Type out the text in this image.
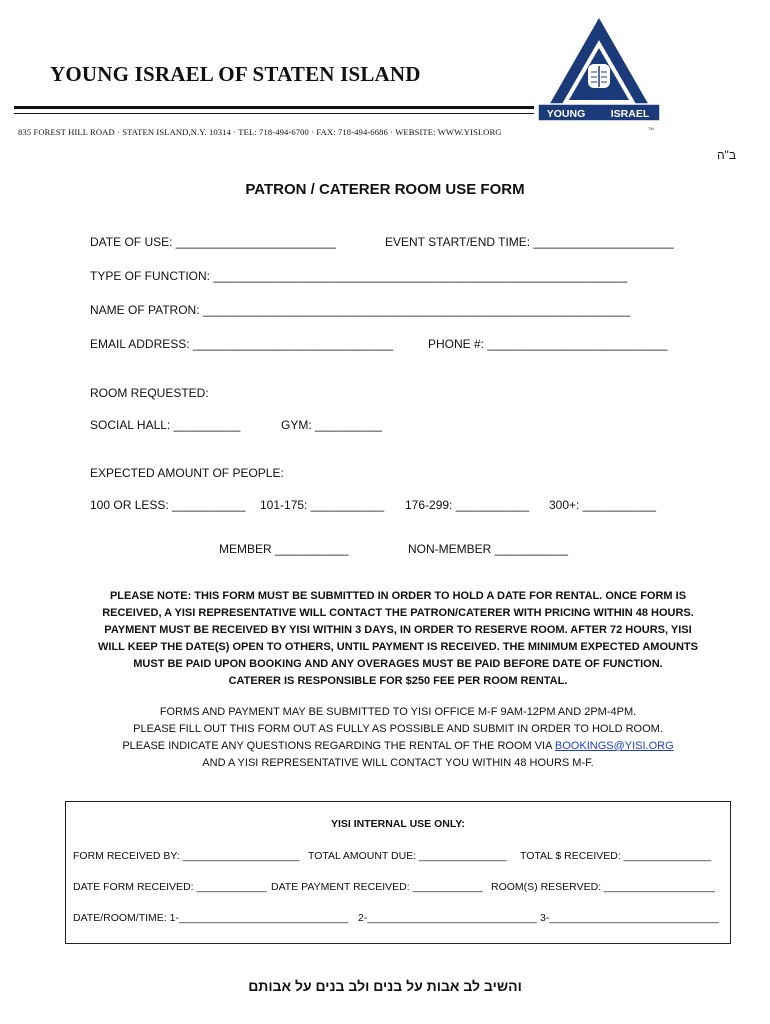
YOUNG ISRAEL OF STATEN ISLAND
835 FOREST HILL ROAD · STATEN ISLAND,N.Y. 10314 · TEL: 718-494-6700 · FAX: 718-494-6686 · WEBSITE: WWW.YISI.ORG
YOUNG ISRAEL
TM
ב"ה
PATRON / CATERER ROOM USE FORM
DATE OF USE: ________________________	EVENT START/END TIME: _____________________
TYPE OF FUNCTION: ______________________________________________________________
NAME OF PATRON: ________________________________________________________________
EMAIL ADDRESS: ______________________________	PHONE #: ___________________________
ROOM REQUESTED:
SOCIAL HALL: __________	GYM: __________
EXPECTED AMOUNT OF PEOPLE:
100 OR LESS: ___________ 101-175: ___________ 176-299: ___________ 300+: ___________
MEMBER ___________	NON-MEMBER ___________
PLEASE NOTE: THIS FORM MUST BE SUBMITTED IN ORDER TO HOLD A DATE FOR RENTAL. ONCE FORM IS
RECEIVED, A YISI REPRESENTATIVE WILL CONTACT THE PATRON/CATERER WITH PRICING WITHIN 48 HOURS.
PAYMENT MUST BE RECEIVED BY YISI WITHIN 3 DAYS, IN ORDER TO RESERVE ROOM. AFTER 72 HOURS, YISI
WILL KEEP THE DATE(S) OPEN TO OTHERS, UNTIL PAYMENT IS RECEIVED. THE MINIMUM EXPECTED AMOUNTS
MUST BE PAID UPON BOOKING AND ANY OVERAGES MUST BE PAID BEFORE DATE OF FUNCTION.
CATERER IS RESPONSIBLE FOR $250 FEE PER ROOM RENTAL.
FORMS AND PAYMENT MAY BE SUBMITTED TO YISI OFFICE M-F 9AM-12PM AND 2PM-4PM.
PLEASE FILL OUT THIS FORM OUT AS FULLY AS POSSIBLE AND SUBMIT IN ORDER TO HOLD ROOM.
PLEASE INDICATE ANY QUESTIONS REGARDING THE RENTAL OF THE ROOM VIA BOOKINGS@YISI.ORG
AND A YISI REPRESENTATIVE WILL CONTACT YOU WITHIN 48 HOURS M-F.
YISI INTERNAL USE ONLY:
FORM RECEIVED BY: ____________________ TOTAL AMOUNT DUE: _______________ TOTAL $ RECEIVED: _______________
DATE FORM RECEIVED: ____________ DATE PAYMENT RECEIVED: ____________ ROOM(S) RESERVED: ___________________
DATE/ROOM/TIME: 1-_____________________________ 2-_____________________________ 3-_____________________________
והשיב לב אבות על בנים ולב בנים על אבותם
